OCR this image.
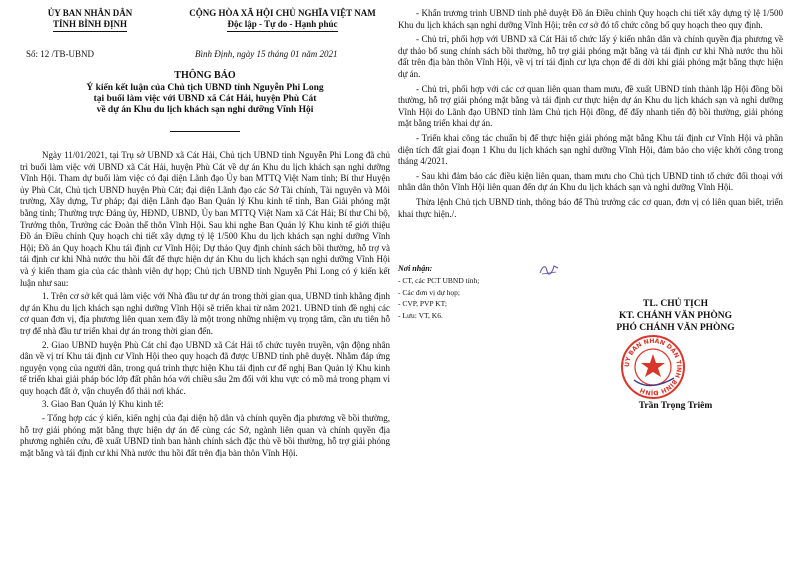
ỦY BAN NHÂN DÂN
TỈNH BÌNH ĐỊNH
CỘNG HÒA XÃ HỘI CHỦ NGHĨA VIỆT NAM
Độc lập - Tự do - Hạnh phúc
Số: 12 /TB-UBND	Bình Định, ngày 15 tháng 01 năm 2021
THÔNG BÁO
Ý kiến kết luận của Chủ tịch UBND tỉnh Nguyễn Phi Long
tại buổi làm việc với UBND xã Cát Hải, huyện Phù Cát
về dự án Khu du lịch khách sạn nghỉ dưỡng Vĩnh Hội

Ngày 11/01/2021, tại Trụ sở UBND xã Cát Hải, Chủ tịch UBND tỉnh Nguyễn Phi Long đã chủ trì buổi làm việc với UBND xã Cát Hải, huyện Phù Cát về dự án Khu du lịch khách sạn nghỉ dưỡng Vĩnh Hội. Tham dự buổi làm việc có đại diện Lãnh đạo Ủy ban MTTQ Việt Nam tỉnh; Bí thư Huyện ủy Phù Cát, Chủ tịch UBND huyện Phù Cát; đại diện Lãnh đạo các Sở Tài chính, Tài nguyên và Môi trường, Xây dựng, Tư pháp; đại diện Lãnh đạo Ban Quản lý Khu kinh tế tỉnh, Ban Giải phóng mặt bằng tỉnh; Thường trực Đảng ủy, HĐND, UBND, Ủy ban MTTQ Việt Nam xã Cát Hải; Bí thư Chi bộ, Trưởng thôn, Trưởng các Đoàn thể thôn Vĩnh Hội. Sau khi nghe Ban Quản lý Khu kinh tế giới thiệu Đồ án Điều chỉnh Quy hoạch chi tiết xây dựng tỷ lệ 1/500 Khu du lịch khách sạn nghỉ dưỡng Vĩnh Hội; Đồ án Quy hoạch Khu tái định cư Vĩnh Hội; Dự thảo Quy định chính sách bồi thường, hỗ trợ và tái định cư khi Nhà nước thu hồi đất để thực hiện dự án Khu du lịch khách sạn nghỉ dưỡng Vĩnh Hội và ý kiến tham gia của các thành viên dự họp; Chủ tịch UBND tỉnh Nguyễn Phi Long có ý kiến kết luận như sau:

1. Trên cơ sở kết quả làm việc với Nhà đầu tư dự án trong thời gian qua, UBND tỉnh khẳng định dự án Khu du lịch khách sạn nghỉ dưỡng Vĩnh Hội sẽ triển khai từ năm 2021. UBND tỉnh đề nghị các cơ quan đơn vị, địa phương liên quan xem đây là một trong những nhiệm vụ trọng tâm, cần ưu tiên hỗ trợ để nhà đầu tư triển khai dự án trong thời gian đến.

2. Giao UBND huyện Phù Cát chỉ đạo UBND xã Cát Hải tổ chức tuyên truyền, vận động nhân dân về vị trí Khu tái định cư Vĩnh Hội theo quy hoạch đã được UBND tỉnh phê duyệt. Nhằm đáp ứng nguyện vọng của người dân, trong quá trình thực hiện Khu tái định cư để nghị Ban Quản lý Khu kinh tế triển khai giải pháp bóc lớp đất phân hóa với chiều sâu 2m đối với khu vực có mồ mả trong phạm vi quy hoạch đất ở, vận chuyển đổ thải nơi khác.

3. Giao Ban Quản lý Khu kinh tế:

- Tổng hợp các ý kiến, kiến nghị của đại diện hộ dân và chính quyền địa phương về bồi thường, hỗ trợ giải phóng mặt bằng thực hiện dự án để cùng các Sở, ngành liên quan và chính quyền địa phương nghiên cứu, đề xuất UBND tỉnh ban hành chính sách đặc thù về bồi thường, hỗ trợ giải phóng mặt bằng và tái định cư khi Nhà nước thu hồi đất trên địa bàn thôn Vĩnh Hội.

- Khẩn trương trình UBND tỉnh phê duyệt Đồ án Điều chỉnh Quy hoạch chi tiết xây dựng tỷ lệ 1/500 Khu du lịch khách sạn nghỉ dưỡng Vĩnh Hội; trên cơ sở đó tổ chức công bố quy hoạch theo quy định.

- Chủ trì, phối hợp với UBND xã Cát Hải tổ chức lấy ý kiến nhân dân và chính quyền địa phương về dự thảo bổ sung chính sách bồi thường, hỗ trợ giải phóng mặt bằng và tái định cư khi Nhà nước thu hồi đất trên địa bàn thôn Vĩnh Hội, về vị trí tái định cư lựa chọn để di dời khi giải phóng mặt bằng thực hiện dự án.

- Chủ trì, phối hợp với các cơ quan liên quan tham mưu, đề xuất UBND tỉnh thành lập Hội đồng bồi thường, hỗ trợ giải phóng mặt bằng và tái định cư thực hiện dự án Khu du lịch khách sạn và nghỉ dưỡng Vĩnh Hội do Lãnh đạo UBND tỉnh làm Chủ tịch Hội đồng, để đẩy nhanh tiến độ bồi thường, giải phóng mặt bằng triển khai dự án.

- Triển khai công tác chuẩn bị để thực hiện giải phóng mặt bằng Khu tái định cư Vĩnh Hội và phần diện tích đất giai đoạn 1 Khu du lịch khách sạn nghỉ dưỡng Vĩnh Hội, đảm bảo cho việc khởi công trong tháng 4/2021.

- Sau khi đảm bảo các điều kiện liên quan, tham mưu cho Chủ tịch UBND tỉnh tổ chức đối thoại với nhân dân thôn Vĩnh Hội liên quan đến dự án Khu du lịch khách sạn và nghỉ dưỡng Vĩnh Hội.

Thừa lệnh Chủ tịch UBND tỉnh, thông báo để Thủ trưởng các cơ quan, đơn vị có liên quan biết, triển khai thực hiện./.

Nơi nhận:
- CT, các PCT UBND tỉnh;
- Các đơn vị dự họp;
- CVP, PVP KT;
- Lưu: VT, K6.
TL. CHỦ TỊCH
KT. CHÁNH VĂN PHÒNG
PHÓ CHÁNH VĂN PHÒNG
ỦY BAN NHÂN DÂN TỈNH BÌNH ĐỊNH
Trần Trọng Triêm
